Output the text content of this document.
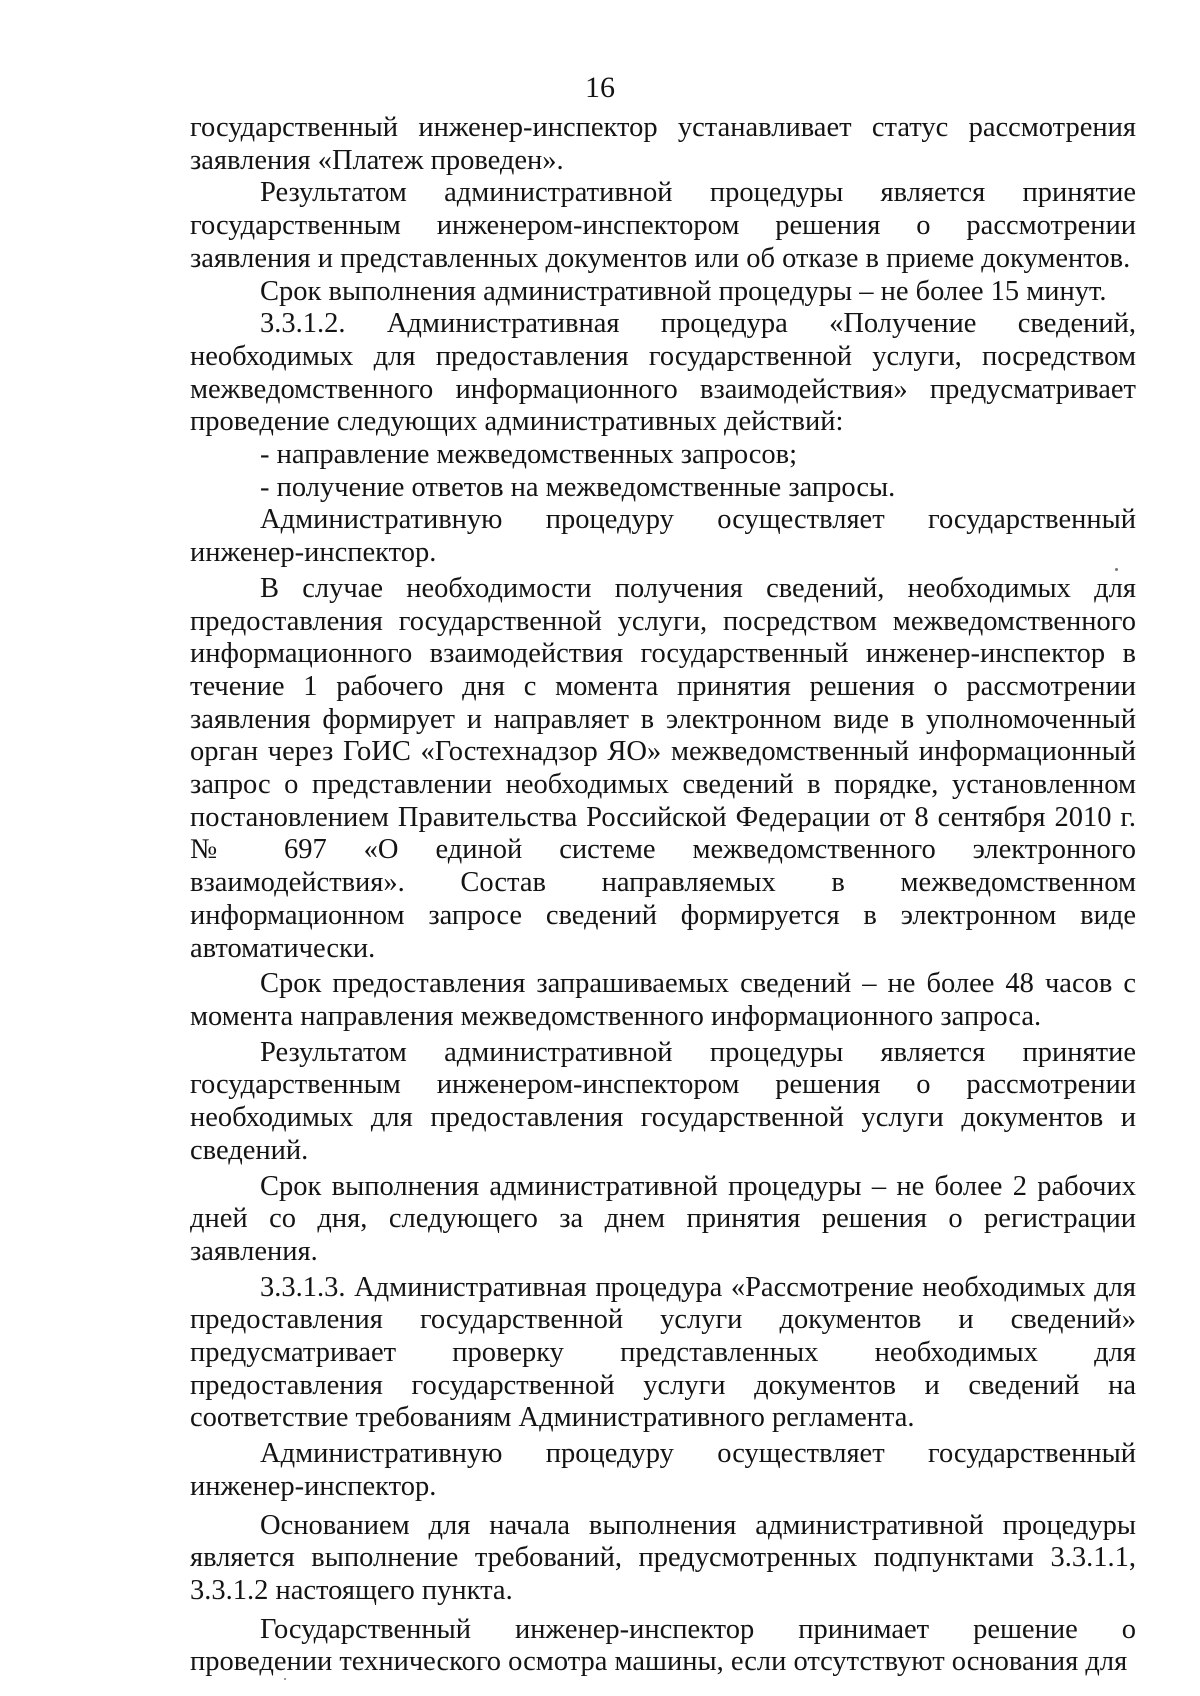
16

государственный инженер-инспектор устанавливает статус рассмотрения заявления «Платеж проведен».

Результатом административной процедуры является принятие государственным инженером-инспектором решения о рассмотрении заявления и представленных документов или об отказе в приеме документов.

Срок выполнения административной процедуры – не более 15 минут.

3.3.1.2. Административная процедура «Получение сведений, необходимых для предоставления государственной услуги, посредством межведомственного информационного взаимодействия» предусматривает проведение следующих административных действий:

- направление межведомственных запросов;

- получение ответов на межведомственные запросы.

Административную процедуру осуществляет государственный инженер-инспектор.

В случае необходимости получения сведений, необходимых для предоставления государственной услуги, посредством межведомственного информационного взаимодействия государственный инженер-инспектор в течение 1 рабочего дня с момента принятия решения о рассмотрении заявления формирует и направляет в электронном виде в уполномоченный орган через ГоИС «Гостехнадзор ЯО» межведомственный информационный запрос о представлении необходимых сведений в порядке, установленном постановлением Правительства Российской Федерации от 8 сентября 2010 г. № 697 «О единой системе межведомственного электронного взаимодействия». Состав направляемых в межведомственном информационном запросе сведений формируется в электронном виде автоматически.

Срок предоставления запрашиваемых сведений – не более 48 часов с момента направления межведомственного информационного запроса.

Результатом административной процедуры является принятие государственным инженером-инспектором решения о рассмотрении необходимых для предоставления государственной услуги документов и сведений.

Срок выполнения административной процедуры – не более 2 рабочих дней со дня, следующего за днем принятия решения о регистрации заявления.

3.3.1.3. Административная процедура «Рассмотрение необходимых для предоставления государственной услуги документов и сведений» предусматривает проверку представленных необходимых для предоставления государственной услуги документов и сведений на соответствие требованиям Административного регламента.

Административную процедуру осуществляет государственный инженер-инспектор.

Основанием для начала выполнения административной процедуры является выполнение требований, предусмотренных подпунктами 3.3.1.1, 3.3.1.2 настоящего пункта.

Государственный инженер-инспектор принимает решение о проведении технического осмотра машины, если отсутствуют основания для
